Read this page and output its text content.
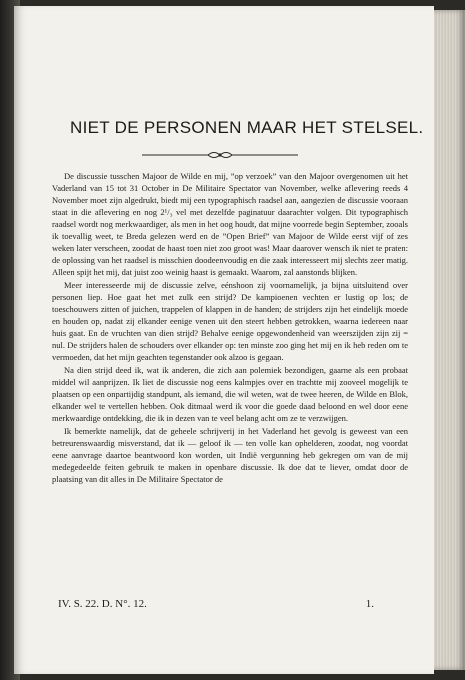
NIET DE PERSONEN MAAR HET STELSEL.

De discussie tusschen Majoor de Wilde en mij, ”op verzoek” van den Majoor overgenomen uit het Vaderland van 15 tot 31 October in De Militaire Spectator van November, welke aflevering reeds 4 November moet zijn algedrukt, biedt mij een typographisch raadsel aan, aangezien de discussie vooraan staat in die aflevering en nog 2¹/₃ vel met dezelfde paginatuur daarachter volgen. Dit typographisch raadsel wordt nog merkwaardiger, als men in het oog houdt, dat mijne voorrede begin September, zooals ik toevallig weet, te Breda gelezen werd en de ”Open Brief” van Majoor de Wilde eerst vijf of zes weken later verscheen, zoodat de haast toen niet zoo groot was! Maar daarover wensch ik niet te praten: de oplossing van het raadsel is misschien doodeenvoudig en die zaak interesseert mij slechts zeer matig. Alleen spijt het mij, dat juist zoo weinig haast is gemaakt. Waarom, zal aanstonds blijken.

Meer interesseerde mij de discussie zelve, eénshoon zij voornamelijk, ja bijna uitsluitend over personen liep. Hoe gaat het met zulk een strijd? De kampioenen vechten er lustig op los; de toeschouwers zitten of juichen, trappelen of klappen in de handen; de strijders zijn het eindelijk moede en houden op, nadat zij elkander eenige venen uit den steert hebben getrokken, waarna iedereen naar huis gaat. En de vruchten van dien strijd? Behalve eenige opgewondenheid van weerszijden zijn zij = nul. De strijders halen de schouders over elkander op: ten minste zoo ging het mij en ik heb reden om te vermoeden, dat het mijn geachten tegenstander ook alzoo is gegaan.

Na dien strijd deed ik, wat ik anderen, die zich aan polemiek bezondigen, gaarne als een probaat middel wil aanprijzen. Ik liet de discussie nog eens kalmpjes over en trachtte mij zooveel mogelijk te plaatsen op een onpartijdig standpunt, als iemand, die wil weten, wat de twee heeren, de Wilde en Blok, elkander wel te vertellen hebben. Ook ditmaal werd ik voor die goede daad beloond en wel door eene merkwaardige ontdekking, die ik in dezen van te veel belang acht om ze te verzwijgen.

Ik bemerkte namelijk, dat de geheele schrijverij in het Vaderland het gevolg is geweest van een betreurenswaardig misverstand, dat ik — geloof ik — ten volle kan ophelderen, zoodat, nog voordat eene aanvrage daartoe beantwoord kon worden, uit Indië vergunning heb gekregen om van de mij medegedeelde feiten gebruik te maken in openbare discussie. Ik doe dat te liever, omdat door de plaatsing van dit alles in De Militaire Spectator de

IV. S. 22. D. N°. 12.	1.
